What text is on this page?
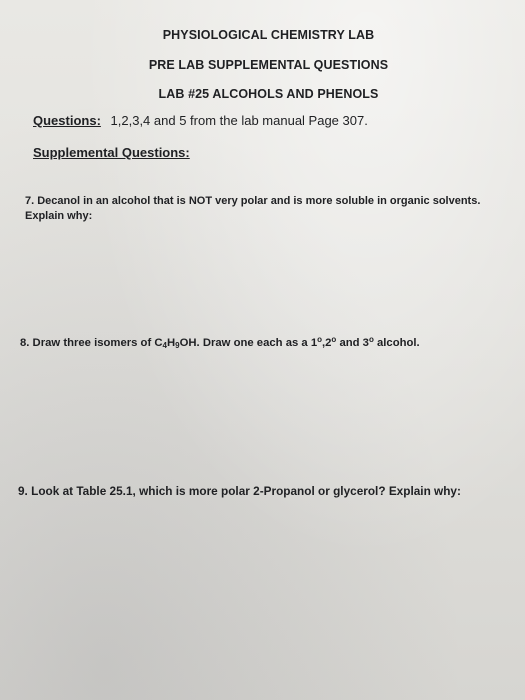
PHYSIOLOGICAL CHEMISTRY LAB
PRE LAB SUPPLEMENTAL QUESTIONS
LAB #25 ALCOHOLS AND PHENOLS
Questions: 1,2,3,4 and 5 from the lab manual Page 307.
Supplemental Questions:
7. Decanol in an alcohol that is NOT very polar and is more soluble in organic solvents.
Explain why:
8. Draw three isomers of $C_4H_9OH$. Draw one each as a 1$^o$,2$^o$ and 3$^o$ alcohol.
9. Look at Table 25.1, which is more polar 2-Propanol or glycerol? Explain why:
